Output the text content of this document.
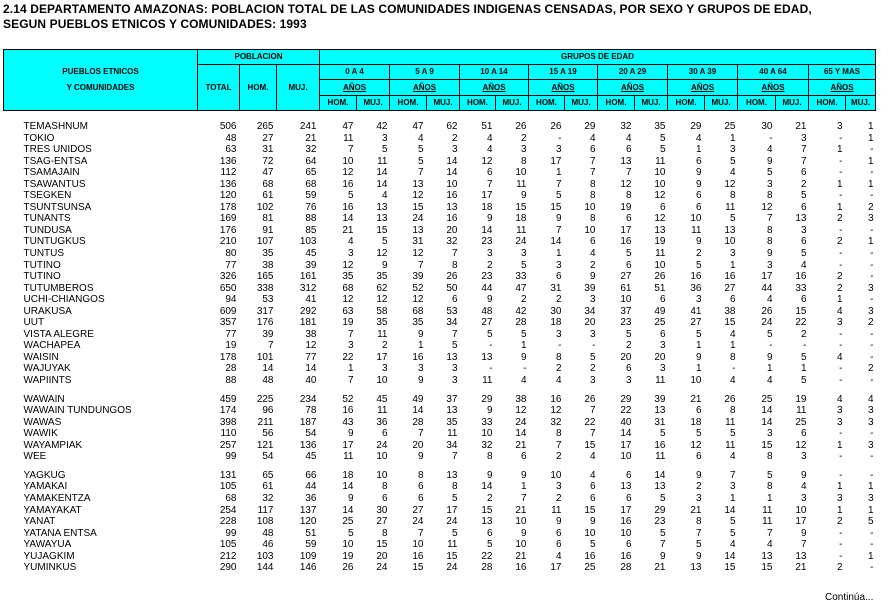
2.14 DEPARTAMENTO AMAZONAS: POBLACION TOTAL DE LAS COMUNIDADES INDIGENAS CENSADAS, POR SEXO Y GRUPOS DE EDAD,
SEGUN PUEBLOS ETNICOS Y COMUNIDADES: 1993
PUEBLOS ETNICOS
Y COMUNIDADES	POBLACION			GRUPOS DE EDAD															
	TOTAL	HOM.	MUJ.	0 A 4		5 A 9		10 A 14		15 A 19		20 A 29		30 A 39		40 A 64		65 Y MAS	
				AÑOS		AÑOS		AÑOS		AÑOS		AÑOS		AÑOS		AÑOS		AÑOS	
				HOM.	MUJ.	HOM.	MUJ.	HOM.	MUJ.	HOM.	MUJ.	HOM.	MUJ.	HOM.	MUJ.	HOM.	MUJ.	HOM.	MUJ.

TEMASHNUM	506	265	241	47	42	47	62	51	26	26	29	32	35	29	25	30	21	3	1
TOKIO	48	27	21	11	3	4	2	4	2	-	4	4	5	4	1	-	3	-	1
TRES UNIDOS	63	31	32	7	5	5	3	4	3	3	6	6	5	1	3	4	7	1	-
TSAG-ENTSA	136	72	64	10	11	5	14	12	8	17	7	13	11	6	5	9	7	-	1
TSAMAJAIN	112	47	65	12	14	7	14	6	10	1	7	7	10	9	4	5	6	-	-
TSAWANTUS	136	68	68	16	14	13	10	7	11	7	8	12	10	9	12	3	2	1	1
TSEGKEN	120	61	59	5	4	12	16	17	9	5	8	8	12	6	8	8	5	-	-
TSUNTSUNSA	178	102	76	16	13	15	13	18	15	15	10	19	6	6	11	12	6	1	2
TUNANTS	169	81	88	14	13	24	16	9	18	9	8	6	12	10	5	7	13	2	3
TUNDUSA	176	91	85	21	15	13	20	14	11	7	10	17	13	11	13	8	3	-	-
TUNTUGKUS	210	107	103	4	5	31	32	23	24	14	6	16	19	9	10	8	6	2	1
TUNTUS	80	35	45	3	12	12	7	3	3	1	4	5	11	2	3	9	5	-	-
TUTINO	77	38	39	12	9	7	8	2	5	3	2	6	10	5	1	3	4	-	-
TUTINO	326	165	161	35	35	39	26	23	33	6	9	27	26	16	16	17	16	2	-
TUTUMBEROS	650	338	312	68	62	52	50	44	47	31	39	61	51	36	27	44	33	2	3
UCHI-CHIANGOS	94	53	41	12	12	12	6	9	2	2	3	10	6	3	6	4	6	1	-
URAKUSA	609	317	292	63	58	68	53	48	42	30	34	37	49	41	38	26	15	4	3
UUT	357	176	181	19	35	35	34	27	28	18	20	23	25	27	15	24	22	3	2
VISTA ALEGRE	77	39	38	7	11	9	7	5	5	3	3	5	6	5	4	5	2	-	-
WACHAPEA	19	7	12	3	2	1	5	-	1	-	-	2	3	1	1	-	-	-	-
WAISIN	178	101	77	22	17	16	13	13	9	8	5	20	20	9	8	9	5	4	-
WAJUYAK	28	14	14	1	3	3	3	-	-	2	2	6	3	1	-	1	1	-	2
WAPIINTS	88	48	40	7	10	9	3	11	4	4	3	3	11	10	4	4	5	-	-

WAWAIN	459	225	234	52	45	49	37	29	38	16	26	29	39	21	26	25	19	4	4
WAWAIN TUNDUNGOS	174	96	78	16	11	14	13	9	12	12	7	22	13	6	8	14	11	3	3
WAWAS	398	211	187	43	36	28	35	33	24	32	22	40	31	18	11	14	25	3	3
WAWIK	110	56	54	9	6	7	11	10	14	8	7	14	5	5	5	3	6	-	-
WAYAMPIAK	257	121	136	17	24	20	34	32	21	7	15	17	16	12	11	15	12	1	3
WEE	99	54	45	11	10	9	7	8	6	2	4	10	11	6	4	8	3	-	-

YAGKUG	131	65	66	18	10	8	13	9	9	10	4	6	14	9	7	5	9	-	-
YAMAKAI	105	61	44	14	8	6	8	14	1	3	6	13	13	2	3	8	4	1	1
YAMAKENTZA	68	32	36	9	6	6	5	2	7	2	6	6	5	3	1	1	3	3	3
YAMAYAKAT	254	117	137	14	30	27	17	15	21	11	15	17	29	21	14	11	10	1	1
YANAT	228	108	120	25	27	24	24	13	10	9	9	16	23	8	5	11	17	2	5
YATANA ENTSA	99	48	51	5	8	7	5	6	9	6	10	10	5	7	5	7	9	-	-
YAWAYUA	105	46	59	10	15	10	11	5	10	6	5	6	7	5	4	4	7	-	-
YUJAGKIM	212	103	109	19	20	16	15	22	21	4	16	16	9	9	14	13	13	-	1
YUMINKUS	290	144	146	26	24	15	24	28	16	17	25	28	21	13	15	15	21	2	-
Continúa...
